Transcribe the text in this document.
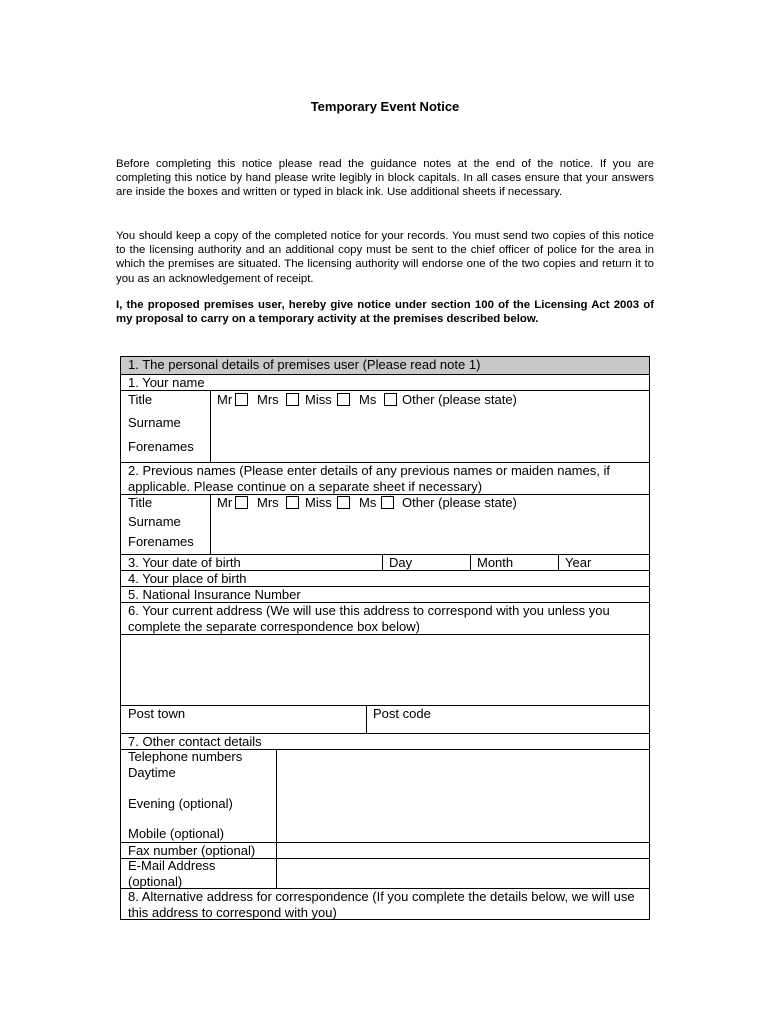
Temporary Event Notice

Before completing this notice please read the guidance notes at the end of the notice. If you are completing this notice by hand please write legibly in block capitals. In all cases ensure that your answers are inside the boxes and written or typed in black ink. Use additional sheets if necessary.

You should keep a copy of the completed notice for your records. You must send two copies of this notice to the licensing authority and an additional copy must be sent to the chief officer of police for the area in which the premises are situated. The licensing authority will endorse one of the two copies and return it to you as an acknowledgement of receipt.

I, the proposed premises user, hereby give notice under section 100 of the Licensing Act 2003 of my proposal to carry on a temporary activity at the premises described below.

1. The personal details of premises user (Please read note 1)
1. Your name
Title	Mr Mrs Miss Ms Other (please state)
Surname
Forenames
2. Previous names (Please enter details of any previous names or maiden names, if applicable. Please continue on a separate sheet if necessary)
Title	Mr Mrs Miss Ms Other (please state)
Surname
Forenames
3. Your date of birth	Day	Month	Year
4. Your place of birth
5. National Insurance Number
6. Your current address (We will use this address to correspond with you unless you complete the separate correspondence box below)
Post town	Post code
7. Other contact details
Telephone numbers
Daytime
Evening (optional)
Mobile (optional)
Fax number (optional)
E-Mail Address
(optional)
8. Alternative address for correspondence (If you complete the details below, we will use this address to correspond with you)
